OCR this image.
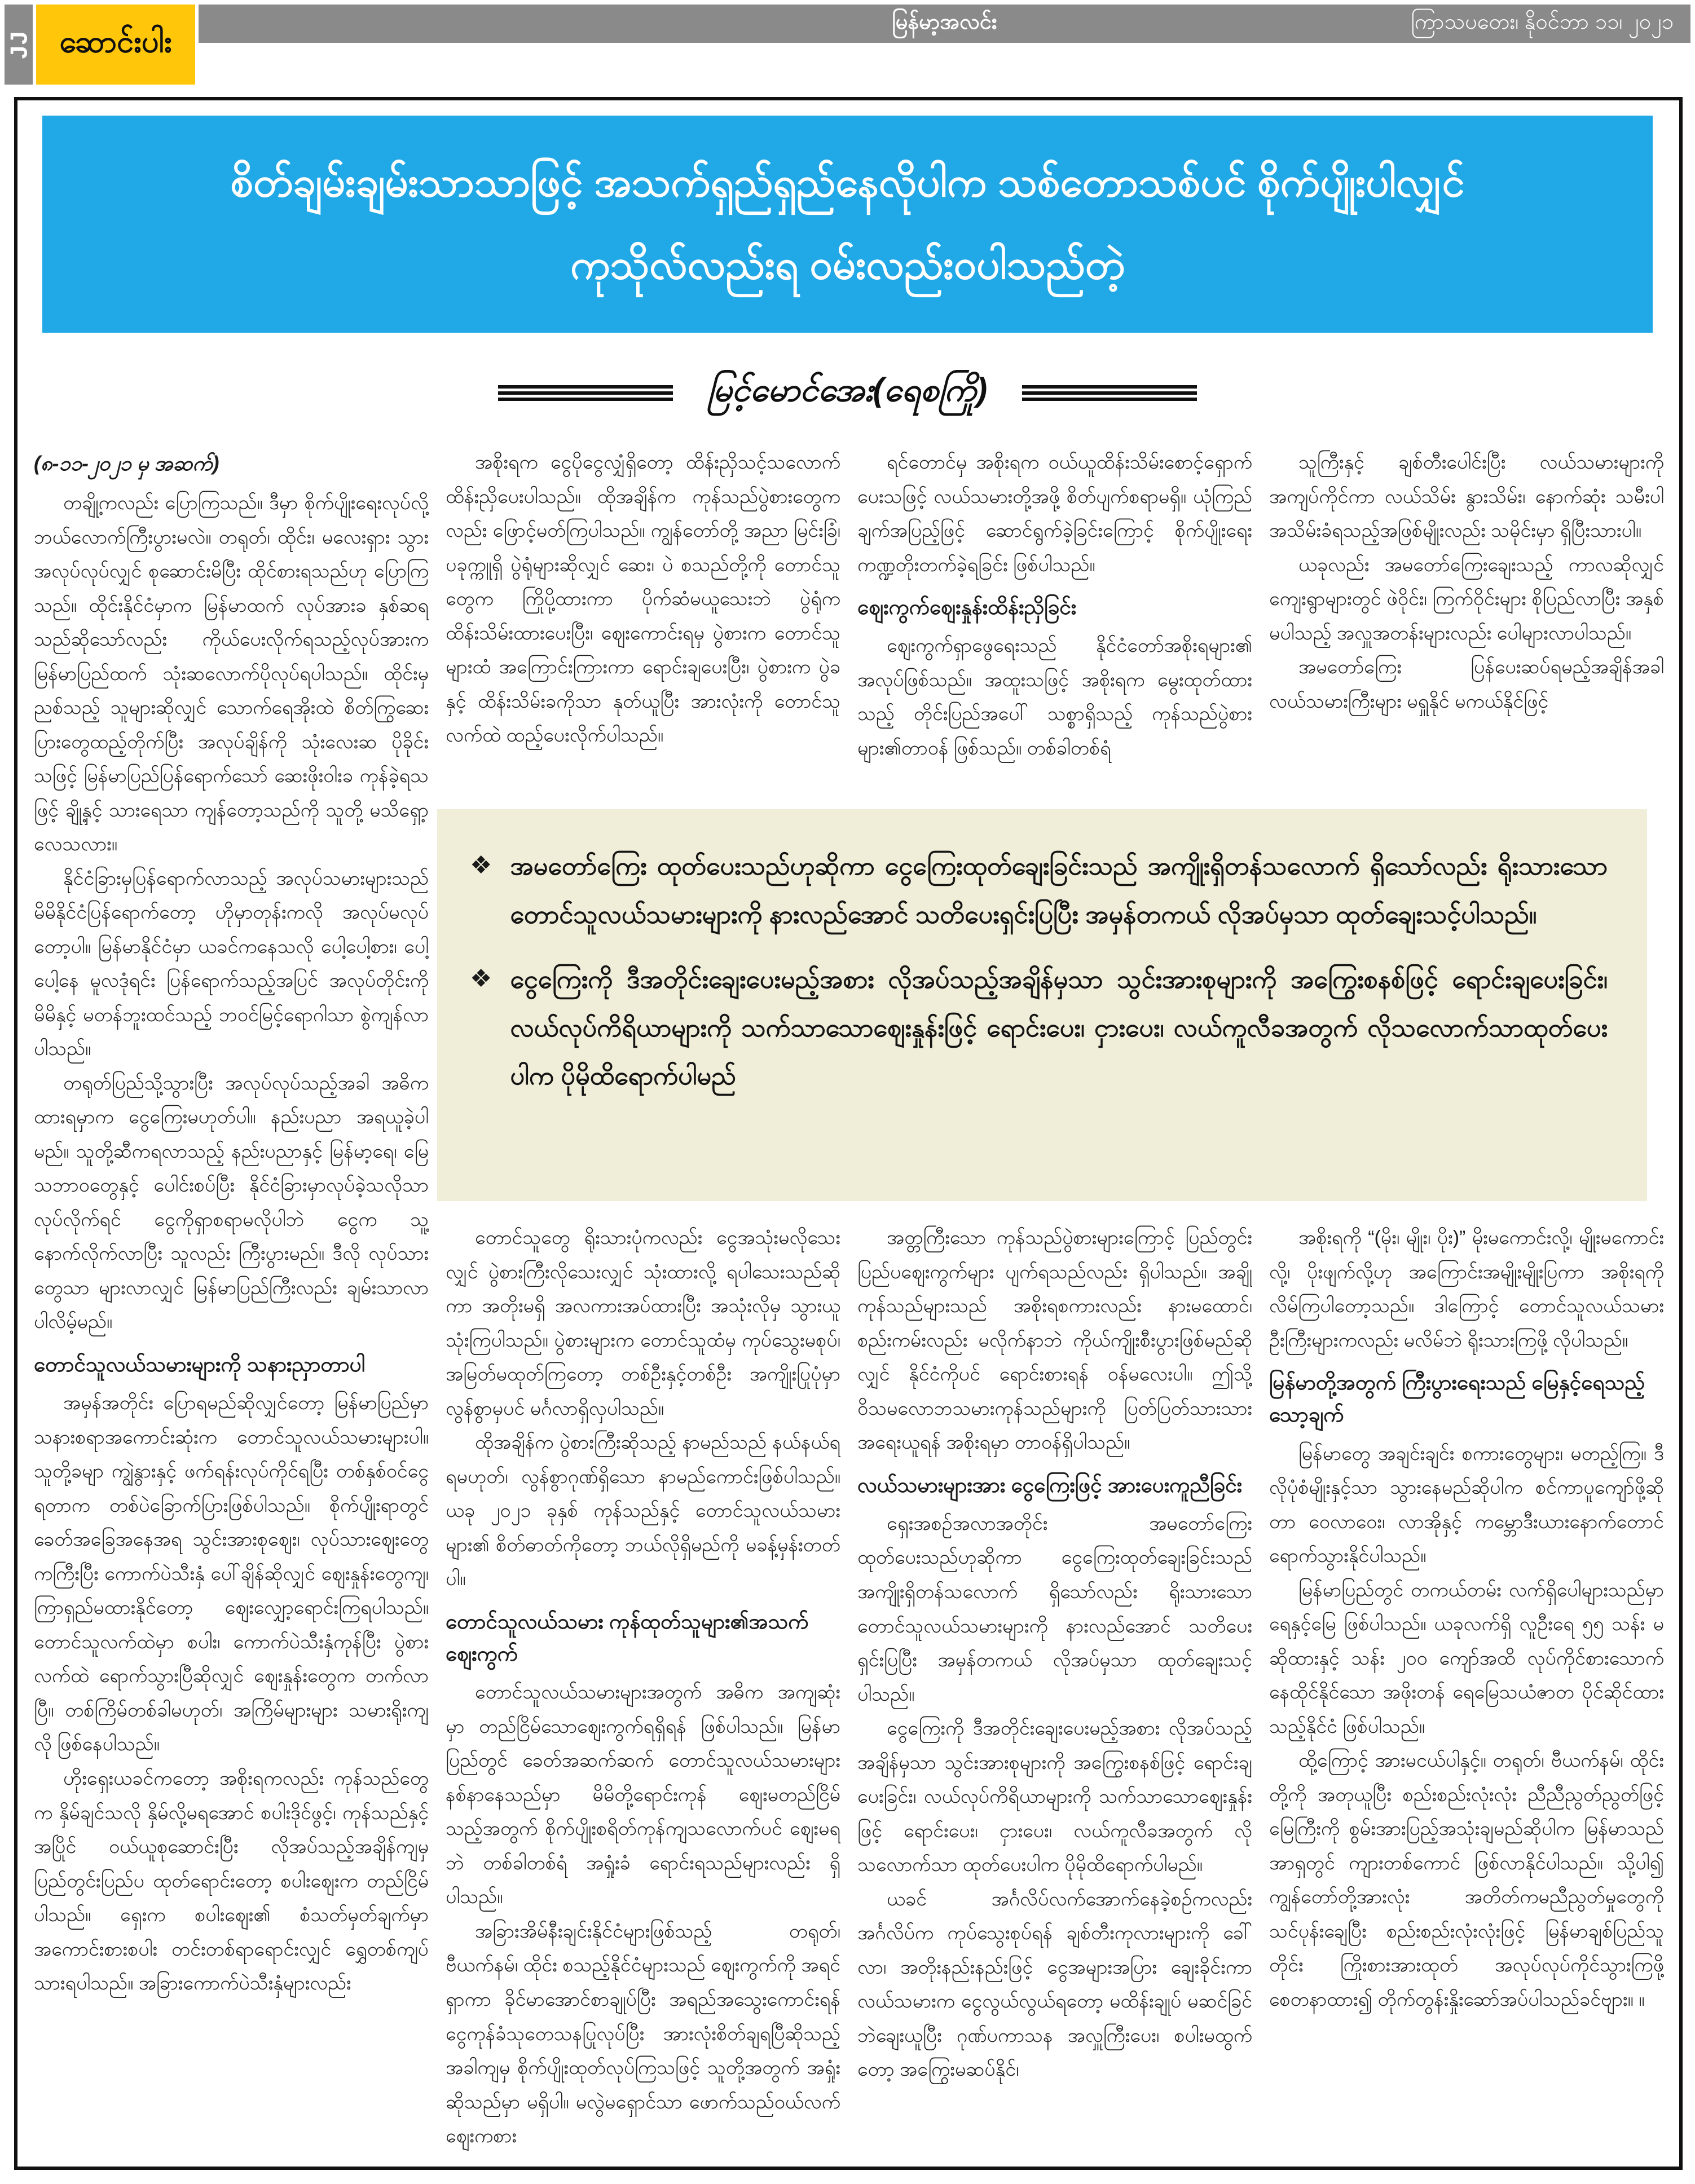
JJ ဆောင်းပါး
မြန်မာ့အလင်း	ကြာသပတေး၊ နိုဝင်ဘာ ၁၁၊ ၂၀၂၁
စိတ်ချမ်းချမ်းသာသာဖြင့် အသက်ရှည်ရှည်နေလိုပါက သစ်တောသစ်ပင် စိုက်ပျိုးပါလျှင်
ကုသိုလ်လည်းရ ဝမ်းလည်းဝပါသည်တဲ့
မြင့်မောင်အေး(ရေစကြို)
(၈-၁၁-၂၀၂၁ မှ အဆက်)
တချို့ကလည်း ပြောကြသည်။ ဒီမှာ စိုက်ပျိုးရေးလုပ်လို့ ဘယ်လောက်ကြီးပွားမလဲ။ တရုတ်၊ ထိုင်း၊ မလေးရှား သွားအလုပ်လုပ်လျှင် စုဆောင်းမိပြီး ထိုင်စားရသည်ဟု ပြောကြသည်။ ထိုင်းနိုင်ငံမှာက မြန်မာထက် လုပ်အားခ နှစ်ဆရသည်ဆိုသော်လည်း ကိုယ်ပေးလိုက်ရသည့်လုပ်အားက မြန်မာပြည်ထက် သုံးဆလောက်ပိုလုပ်ရပါသည်။ ထိုင်းမှ ညစ်သည့် သူများဆိုလျှင် သောက်ရေအိုးထဲ စိတ်ကြွဆေးပြားတွေထည့်တိုက်ပြီး အလုပ်ချိန်ကို သုံးလေးဆ ပိုခိုင်းသဖြင့် မြန်မာပြည်ပြန်ရောက်သော် ဆေးဖိုးဝါးခ ကုန်ခဲ့ရသဖြင့် ချို့နှင့် သားရေသာ ကျန်တော့သည်ကို သူတို့ မသိရှော့လေသလား။
နိုင်ငံခြားမှပြန်ရောက်လာသည့် အလုပ်သမားများသည် မိမိနိုင်ငံပြန်ရောက်တော့ ဟိုမှာတုန်းကလို အလုပ်မလုပ်တော့ပါ။ မြန်မာနိုင်ငံမှာ ယခင်ကနေသလို ပေါ့ပေါ့စား၊ ပေါ့ပေါ့နေ မူလဒုံရင်း ပြန်ရောက်သည့်အပြင် အလုပ်တိုင်းကို မိမိနှင့် မတန်ဘူးထင်သည့် ဘဝင်မြင့်ရောဂါသာ စွဲကျန်လာပါသည်။
တရုတ်ပြည်သို့သွားပြီး အလုပ်လုပ်သည့်အခါ အဓိကထားရမှာက ငွေကြေးမဟုတ်ပါ။ နည်းပညာ အရယူခဲ့ပါမည်။ သူတို့ဆီကရလာသည့် နည်းပညာနှင့် မြန်မာ့ရေ၊ မြေ သဘာဝတွေနှင့် ပေါင်းစပ်ပြီး နိုင်ငံခြားမှာလုပ်ခဲ့သလိုသာ လုပ်လိုက်ရင် ငွေကိုရှာစရာမလိုပါဘဲ ငွေက သူ့နောက်လိုက်လာပြီး သူလည်း ကြီးပွားမည်။ ဒီလို လုပ်သားတွေသာ များလာလျှင် မြန်မာပြည်ကြီးလည်း ချမ်းသာလာပါလိမ့်မည်။
တောင်သူလယ်သမားများကို သနားညှာတာပါ
အမှန်အတိုင်း ပြောရမည်ဆိုလျှင်တော့ မြန်မာပြည်မှာ သနားစရာအကောင်းဆုံးက တောင်သူလယ်သမားများပါ။ သူတို့ခမျာ ကျွဲနွားနှင့် ဖက်ရန်းလုပ်ကိုင်ရပြီး တစ်နှစ်ဝင်ငွေရတာက တစ်ပဲခြောက်ပြားဖြစ်ပါသည်။ စိုက်ပျိုးရာတွင် ခေတ်အခြေအနေအရ သွင်းအားစုဈေး၊ လုပ်သားဈေးတွေကကြီးပြီး ကောက်ပဲသီးနှံ ပေါ်ချိန်ဆိုလျှင် ဈေးနှုန်းတွေကျ၊ ကြာရှည်မထားနိုင်တော့ ဈေးလျှော့ရောင်းကြရပါသည်။ တောင်သူလက်ထဲမှာ စပါး၊ ကောက်ပဲသီးနှံကုန်ပြီး ပွဲစားလက်ထဲ ရောက်သွားပြီဆိုလျှင် ဈေးနှုန်းတွေက တက်လာပြီ။ တစ်ကြိမ်တစ်ခါမဟုတ်၊ အကြိမ်များများ သမားရိုးကျလို ဖြစ်နေပါသည်။
ဟိုးရှေးယခင်ကတော့ အစိုးရကလည်း ကုန်သည်တွေက နှိမ်ချင်သလို နှိမ်လို့မရအောင် စပါးဒိုင်ဖွင့်၊ ကုန်သည်နှင့်အပြိုင် ဝယ်ယူစုဆောင်းပြီး လိုအပ်သည့်အချိန်ကျမှ ပြည်တွင်းပြည်ပ ထုတ်ရောင်းတော့ စပါးဈေးက တည်ငြိမ်ပါသည်။ ရှေးက စပါးဈေး၏ စံသတ်မှတ်ချက်မှာ အကောင်းစားစပါး တင်းတစ်ရာရောင်းလျှင် ရွှေတစ်ကျပ်သားရပါသည်။ အခြားကောက်ပဲသီးနှံများလည်း
အစိုးရက ငွေပိုငွေလျှံရှိတော့ ထိန်းညှိသင့်သလောက် ထိန်းညှိပေးပါသည်။ ထိုအချိန်က ကုန်သည်ပွဲစားတွေကလည်း ဖြောင့်မတ်ကြပါသည်။ ကျွန်တော်တို့ အညာ မြင်းခြံ၊ ပခုက္ကူရှိ ပွဲရုံများဆိုလျှင် ဆေး၊ ပဲ စသည်တို့ကို တောင်သူတွေက ကြိုပို့ထားကာ ပိုက်ဆံမယူသေးဘဲ ပွဲရုံက ထိန်းသိမ်းထားပေးပြီး၊ ဈေးကောင်းရမှ ပွဲစားက တောင်သူများထံ အကြောင်းကြားကာ ရောင်းချပေးပြီး၊ ပွဲစားက ပွဲခနှင့် ထိန်းသိမ်းခကိုသာ နုတ်ယူပြီး အားလုံးကို တောင်သူလက်ထဲ ထည့်ပေးလိုက်ပါသည်။
ရင်တောင်မှ အစိုးရက ဝယ်ယူထိန်းသိမ်းစောင့်ရှောက်ပေးသဖြင့် လယ်သမားတို့အဖို့ စိတ်ပျက်စရာမရှိ။ ယုံကြည်ချက်အပြည့်ဖြင့် ဆောင်ရွက်ခဲ့ခြင်းကြောင့် စိုက်ပျိုးရေးကဏ္ဍတိုးတက်ခဲ့ရခြင်း ဖြစ်ပါသည်။
ဈေးကွက်ဈေးနှုန်းထိန်းညှိခြင်း
ဈေးကွက်ရှာဖွေရေးသည် နိုင်ငံတော်အစိုးရများ၏ အလုပ်ဖြစ်သည်။ အထူးသဖြင့် အစိုးရက မွေးထုတ်ထားသည့် တိုင်းပြည်အပေါ် သစ္စာရှိသည့် ကုန်သည်ပွဲစားများ၏တာဝန် ဖြစ်သည်။ တစ်ခါတစ်ရံ
သူကြီးနှင့် ချစ်တီးပေါင်းပြီး လယ်သမားများကို အကျပ်ကိုင်ကာ လယ်သိမ်း နွားသိမ်း၊ နောက်ဆုံး သမီးပါ အသိမ်းခံရသည့်အဖြစ်မျိုးလည်း သမိုင်းမှာ ရှိပြီးသားပါ။
ယခုလည်း အမတော်ကြေးချေးသည့် ကာလဆိုလျှင် ကျေးရွာများတွင် ဖဲဝိုင်း၊ ကြက်ဝိုင်းများ စိုပြည်လာပြီး အနှစ်မပါသည့် အလှူအတန်းများလည်း ပေါများလာပါသည်။
အမတော်ကြေး ပြန်ပေးဆပ်ရမည့်အချိန်အခါ လယ်သမားကြီးများ မရှူနိုင် မကယ်နိုင်ဖြင့်
❖ အမတော်ကြေး ထုတ်ပေးသည်ဟုဆိုကာ ငွေကြေးထုတ်ချေးခြင်းသည် အကျိုးရှိတန်သလောက် ရှိသော်လည်း ရိုးသားသော တောင်သူလယ်သမားများကို နားလည်အောင် သတိပေးရှင်းပြပြီး အမှန်တကယ် လိုအပ်မှသာ ထုတ်ချေးသင့်ပါသည်။
❖ ငွေကြေးကို ဒီအတိုင်းချေးပေးမည့်အစား လိုအပ်သည့်အချိန်မှသာ သွင်းအားစုများကို အကြွေးစနစ်ဖြင့် ရောင်းချပေးခြင်း၊ လယ်လုပ်ကိရိယာများကို သက်သာသောဈေးနှုန်းဖြင့် ရောင်းပေး၊ ငှားပေး၊ လယ်ကူလီခအတွက် လိုသလောက်သာထုတ်ပေးပါက ပိုမိုထိရောက်ပါမည်
တောင်သူတွေ ရိုးသားပုံကလည်း ငွေအသုံးမလိုသေးလျှင် ပွဲစားကြီးလိုသေးလျှင် သုံးထားလို့ ရပါသေးသည်ဆိုကာ အတိုးမရှိ အလကားအပ်ထားပြီး အသုံးလိုမှ သွားယူသုံးကြပါသည်။ ပွဲစားများက တောင်သူထံမှ ကုပ်သွေးမစုပ်၊ အမြတ်မထုတ်ကြတော့ တစ်ဦးနှင့်တစ်ဦး အကျိုးပြုပုံမှာ လွန်စွာမှပင် မင်္ဂလာရှိလှပါသည်။
ထိုအချိန်က ပွဲစားကြီးဆိုသည့် နာမည်သည် နယ်နယ်ရရမဟုတ်၊ လွန်စွာဂုဏ်ရှိသော နာမည်ကောင်းဖြစ်ပါသည်။ ယခု ၂၀၂၁ ခုနှစ် ကုန်သည်နှင့် တောင်သူလယ်သမားများ၏ စိတ်ဓာတ်ကိုတော့ ဘယ်လိုရှိမည်ကို မခန့်မှန်းတတ်ပါ။
တောင်သူလယ်သမား ကုန်ထုတ်သူများ၏အသက် ဈေးကွက်
တောင်သူလယ်သမားများအတွက် အဓိက အကျဆုံးမှာ တည်ငြိမ်သောဈေးကွက်ရရှိရန် ဖြစ်ပါသည်။ မြန်မာပြည်တွင် ခေတ်အဆက်ဆက် တောင်သူလယ်သမားများ နစ်နာနေသည်မှာ မိမိတို့ရောင်းကုန် ဈေးမတည်ငြိမ်သည့်အတွက် စိုက်ပျိုးစရိတ်ကုန်ကျသလောက်ပင် ဈေးမရဘဲ တစ်ခါတစ်ရံ အရှုံးခံ ရောင်းရသည်များလည်း ရှိပါသည်။
အခြားအိမ်နီးချင်းနိုင်ငံများဖြစ်သည့် တရုတ်၊ ဗီယက်နမ်၊ ထိုင်း စသည့်နိုင်ငံများသည် ဈေးကွက်ကို အရင်ရှာကာ ခိုင်မာအောင်စာချုပ်ပြီး အရည်အသွေးကောင်းရန် ငွေကုန်ခံသုတေသနပြုလုပ်ပြီး အားလုံးစိတ်ချရပြီဆိုသည့်အခါကျမှ စိုက်ပျိုးထုတ်လုပ်ကြသဖြင့် သူတို့အတွက် အရှုံးဆိုသည်မှာ မရှိပါ။ မလွဲမရှောင်သာ ဖောက်သည်ဝယ်လက် ဈေးကစား
အတ္တကြီးသော ကုန်သည်ပွဲစားများကြောင့် ပြည်တွင်းပြည်ပဈေးကွက်များ ပျက်ရသည်လည်း ရှိပါသည်။ အချို့ကုန်သည်များသည် အစိုးရစကားလည်း နားမထောင်၊ စည်းကမ်းလည်း မလိုက်နာဘဲ ကိုယ်ကျိုးစီးပွားဖြစ်မည်ဆိုလျှင် နိုင်ငံကိုပင် ရောင်းစားရန် ဝန်မလေးပါ။ ဤသို့ ဝိသမလောဘသမားကုန်သည်များကို ပြတ်ပြတ်သားသား အရေးယူရန် အစိုးရမှာ တာဝန်ရှိပါသည်။
လယ်သမားများအား ငွေကြေးဖြင့် အားပေးကူညီခြင်း
ရှေးအစဉ်အလာအတိုင်း အမတော်ကြေး ထုတ်ပေးသည်ဟုဆိုကာ ငွေကြေးထုတ်ချေးခြင်းသည် အကျိုးရှိတန်သလောက် ရှိသော်လည်း ရိုးသားသော တောင်သူလယ်သမားများကို နားလည်အောင် သတိပေးရှင်းပြပြီး အမှန်တကယ် လိုအပ်မှသာ ထုတ်ချေးသင့်ပါသည်။
ငွေကြေးကို ဒီအတိုင်းချေးပေးမည့်အစား လိုအပ်သည့်အချိန်မှသာ သွင်းအားစုများကို အကြွေးစနစ်ဖြင့် ရောင်းချပေးခြင်း၊ လယ်လုပ်ကိရိယာများကို သက်သာသောဈေးနှုန်းဖြင့် ရောင်းပေး၊ ငှားပေး၊ လယ်ကူလီခအတွက် လိုသလောက်သာ ထုတ်ပေးပါက ပိုမိုထိရောက်ပါမည်။
ယခင် အင်္ဂလိပ်လက်အောက်နေခဲ့စဉ်ကလည်း အင်္ဂလိပ်က ကုပ်သွေးစုပ်ရန် ချစ်တီးကုလားများကို ခေါ်လာ၊ အတိုးနည်းနည်းဖြင့် ငွေအများအပြား ချေးခိုင်းကာ လယ်သမားက ငွေလွယ်လွယ်ရတော့ မထိန်းချုပ် မဆင်ခြင်ဘဲချေးယူပြီး ဂုဏ်ပကာသန အလှူကြီးပေး၊ စပါးမထွက်တော့ အကြွေးမဆပ်နိုင်၊
အစိုးရကို “(မိုး၊ မျိုး၊ ပိုး)” မိုးမကောင်းလို့၊ မျိုးမကောင်းလို့၊ ပိုးဖျက်လို့ဟု အကြောင်းအမျိုးမျိုးပြကာ အစိုးရကို လိမ်ကြပါတော့သည်။ ဒါကြောင့် တောင်သူလယ်သမား ဦးကြီးများကလည်း မလိမ်ဘဲ ရိုးသားကြဖို့ လိုပါသည်။
မြန်မာတို့အတွက် ကြီးပွားရေးသည် မြေနှင့်ရေသည့် သော့ချက်
မြန်မာတွေ အချင်းချင်း စကားတွေများ၊ မတည့်ကြ။ ဒီလိုပုံစံမျိုးနှင့်သာ သွားနေမည်ဆိုပါက စင်ကာပူကျော်ဖို့ဆိုတာ ဝေလာဝေး၊ လာအိုနှင့် ကမ္ဘောဒီးယားနောက်တောင် ရောက်သွားနိုင်ပါသည်။
မြန်မာပြည်တွင် တကယ်တမ်း လက်ရှိပေါများသည်မှာ ရေနှင့်မြေ ဖြစ်ပါသည်။ ယခုလက်ရှိ လူဦးရေ ၅၅ သန်း မဆိုထားနှင့် သန်း ၂၀၀ ကျော်အထိ လုပ်ကိုင်စားသောက်နေထိုင်နိုင်သော အဖိုးတန် ရေမြေသယံဇာတ ပိုင်ဆိုင်ထားသည့်နိုင်ငံ ဖြစ်ပါသည်။
ထို့ကြောင့် အားမငယ်ပါနှင့်။ တရုတ်၊ ဗီယက်နမ်၊ ထိုင်းတို့ကို အတုယူပြီး စည်းစည်းလုံးလုံး ညီညီညွတ်ညွတ်ဖြင့် မြေကြီးကို စွမ်းအားပြည့်အသုံးချမည်ဆိုပါက မြန်မာသည် အာရှတွင် ကျားတစ်ကောင် ဖြစ်လာနိုင်ပါသည်။ သို့ပါ၍ ကျွန်တော်တို့အားလုံး အတိတ်ကမညီညွတ်မှုတွေကို သင်ပုန်းချေပြီး စည်းစည်းလုံးလုံးဖြင့် မြန်မာချစ်ပြည်သူတိုင်း ကြိုးစားအားထုတ် အလုပ်လုပ်ကိုင်သွားကြဖို့ စေတနာထား၍ တိုက်တွန်းနှိုးဆော်အပ်ပါသည်ခင်ဗျား။ ။
